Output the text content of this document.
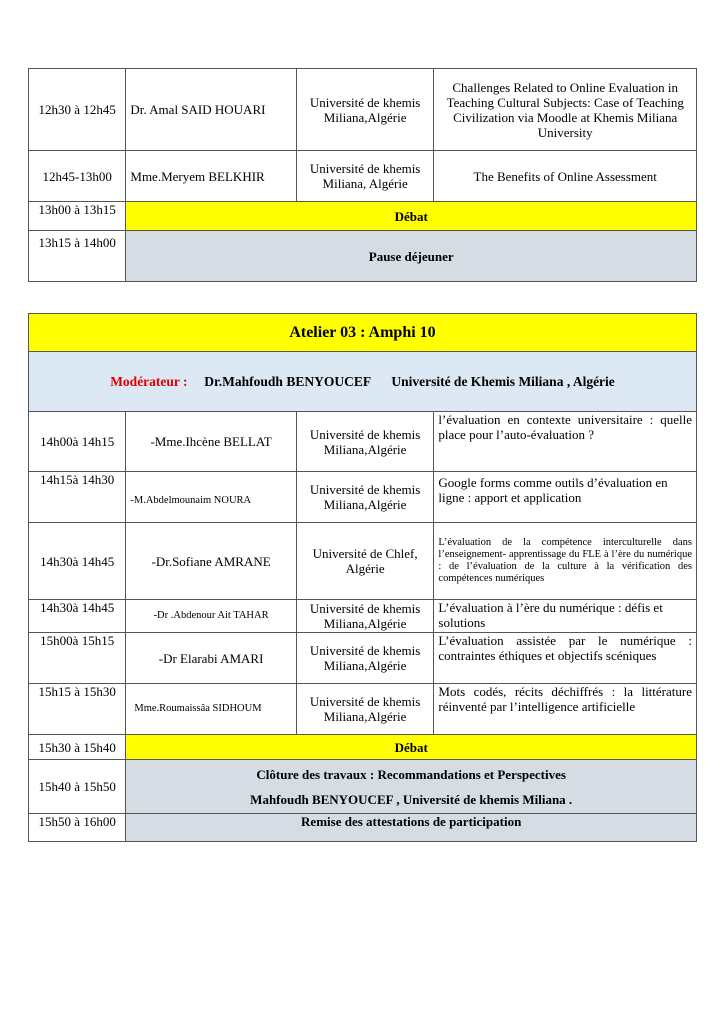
12h30 à 12h45	Dr. Amal SAID HOUARI	Université de khemis Miliana,Algérie	Challenges Related to Online Evaluation in Teaching Cultural Subjects: Case of Teaching Civilization via Moodle at Khemis Miliana University
12h45-13h00	Mme.Meryem BELKHIR	Université de khemis Miliana, Algérie	The Benefits of Online Assessment
13h00 à 13h15	Débat		
13h15 à 14h00	Pause déjeuner		
Atelier 03 : Amphi 10			
Modérateur : Dr.Mahfoudh BENYOUCEF Université de Khemis Miliana , Algérie			
14h00à 14h15	-Mme.Ihcène BELLAT	Université de khemis Miliana,Algérie	l’évaluation en contexte universitaire : quelle place pour l’auto-évaluation ?
14h15à 14h30	-M.Abdelmounaim NOURA	Université de khemis Miliana,Algérie	Google forms comme outils d’évaluation en ligne : apport et application
14h30à 14h45	-Dr.Sofiane AMRANE	Université de Chlef, Algérie	L’évaluation de la compétence interculturelle dans l’enseignement- apprentissage du FLE à l’ère du numérique : de l’évaluation de la culture à la vérification des compétences numériques
14h30à 14h45	-Dr .Abdenour Ait TAHAR	Université de khemis Miliana,Algérie	L’évaluation à l’ère du numérique : défis et solutions
15h00à 15h15	-Dr Elarabi AMARI	Université de khemis Miliana,Algérie	L’évaluation assistée par le numérique : contraintes éthiques et objectifs scéniques
15h15 à 15h30	Mme.Roumaissâa SIDHOUM	Université de khemis Miliana,Algérie	Mots codés, récits déchiffrés : la littérature réinventé par l’intelligence artificielle
15h30 à 15h40	Débat		
15h40 à 15h50	Clôture des travaux : Recommandations et Perspectives
Mahfoudh BENYOUCEF , Université de khemis Miliana .		

15h50 à 16h00	Remise des attestations de participation		
